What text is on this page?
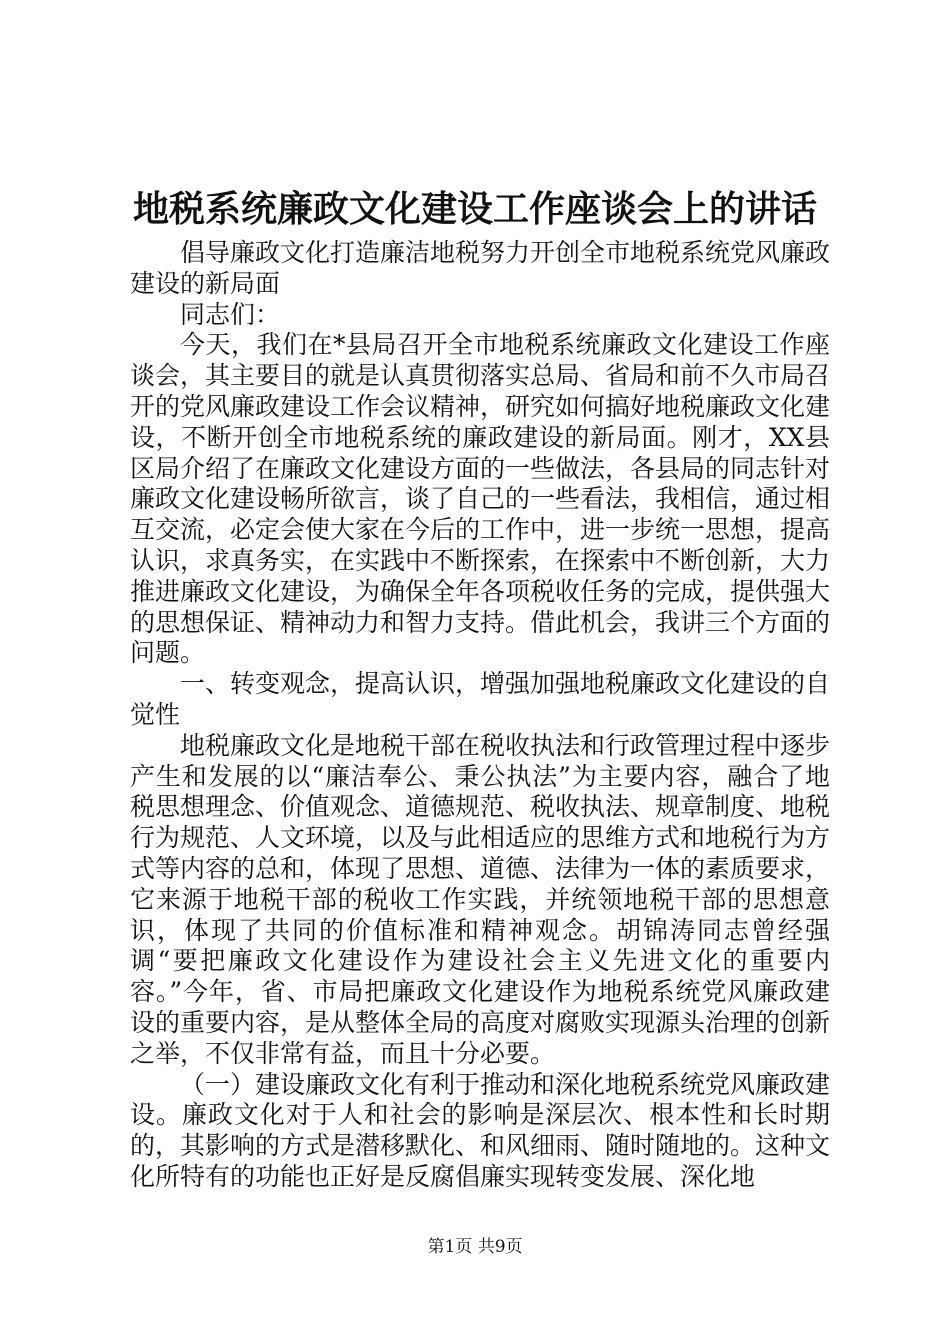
地税系统廉政文化建设工作座谈会上的讲话

倡导廉政文化打造廉洁地税努力开创全市地税系统党风廉政建设的新局面

同志们：

今天，我们在*县局召开全市地税系统廉政文化建设工作座谈会，其主要目的就是认真贯彻落实总局、省局和前不久市局召开的党风廉政建设工作会议精神，研究如何搞好地税廉政文化建设，不断开创全市地税系统的廉政建设的新局面。刚才，XX县区局介绍了在廉政文化建设方面的一些做法，各县局的同志针对廉政文化建设畅所欲言，谈了自己的一些看法，我相信，通过相互交流，必定会使大家在今后的工作中，进一步统一思想，提高认识，求真务实，在实践中不断探索，在探索中不断创新，大力推进廉政文化建设，为确保全年各项税收任务的完成，提供强大的思想保证、精神动力和智力支持。借此机会，我讲三个方面的问题。

一、转变观念，提高认识，增强加强地税廉政文化建设的自觉性

地税廉政文化是地税干部在税收执法和行政管理过程中逐步产生和发展的以“廉洁奉公、秉公执法”为主要内容，融合了地税思想理念、价值观念、道德规范、税收执法、规章制度、地税行为规范、人文环境，以及与此相适应的思维方式和地税行为方式等内容的总和，体现了思想、道德、法律为一体的素质要求，它来源于地税干部的税收工作实践，并统领地税干部的思想意识，体现了共同的价值标准和精神观念。胡锦涛同志曾经强调“要把廉政文化建设作为建设社会主义先进文化的重要内容。”今年，省、市局把廉政文化建设作为地税系统党风廉政建设的重要内容，是从整体全局的高度对腐败实现源头治理的创新之举，不仅非常有益，而且十分必要。

（一）建设廉政文化有利于推动和深化地税系统党风廉政建设。廉政文化对于人和社会的影响是深层次、根本性和长时期的，其影响的方式是潜移默化、和风细雨、随时随地的。这种文化所特有的功能也正好是反腐倡廉实现转变发展、深化地

第1页 共9页
